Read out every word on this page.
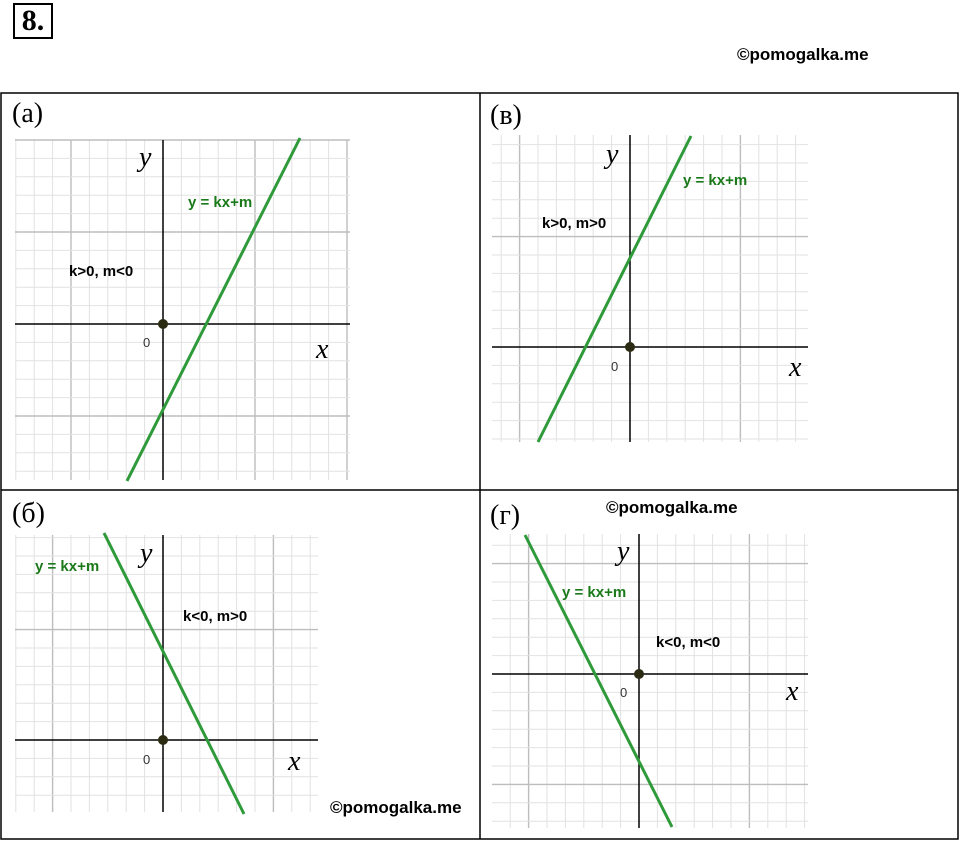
8.
©pomogalka.me
(а)
y
x
0
y = kx+m
k>0, m<0
(в)
y
x
0
y = kx+m
k>0, m>0
(б)
y
x
0
y = kx+m
k<0, m>0
(г)
y
x
0
y = kx+m
k<0, m<0
©pomogalka.me
©pomogalka.me
